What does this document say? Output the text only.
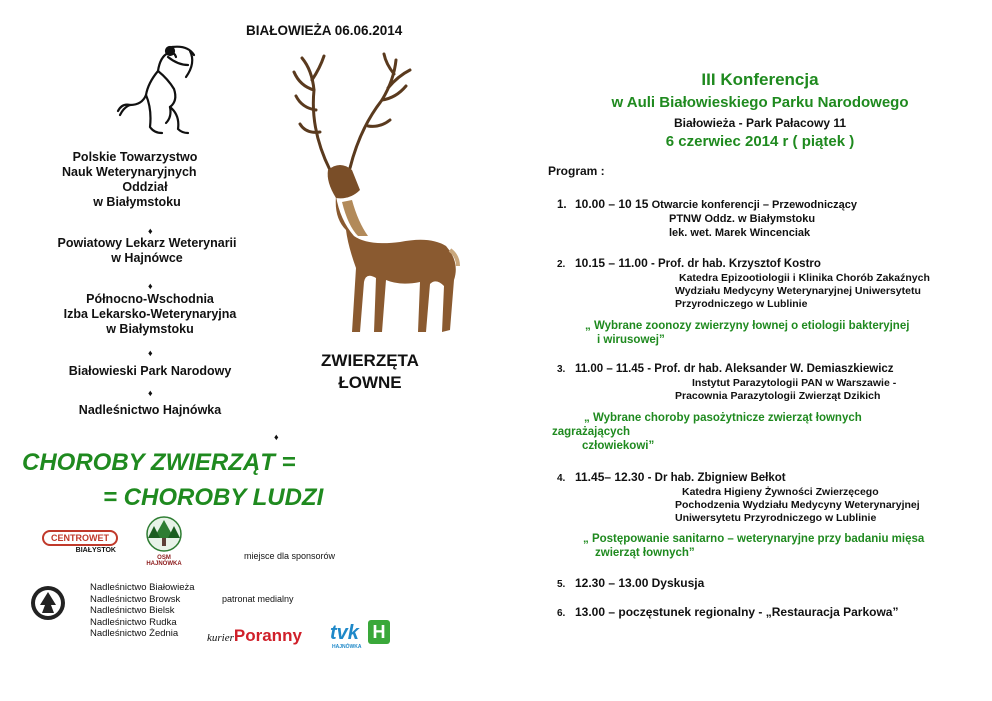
BIAŁOWIEŻA 06.06.2014
Polskie Towarzystwo
Nauk Weterynaryjnych
Oddział
w Białymstoku
♦
Powiatowy Lekarz Weterynarii
w Hajnówce
♦
Północno-Wschodnia
Izba Lekarsko-Weterynaryjna
w Białymstoku
♦
Białowieski Park Narodowy
♦
Nadleśnictwo Hajnówka
♦
ZWIERZĘTA
ŁOWNE
CHOROBY ZWIERZĄT =
= CHOROBY LUDZI
CENTROWET
BIAŁYSTOK
OSM HAJNÓWKA
miejsce dla sponsorów
Nadleśnictwo Białowieża
Nadleśnictwo Browsk
Nadleśnictwo Bielsk
Nadleśnictwo Rudka
Nadleśnictwo Żednia
patronat medialny
kurierPoranny tvk H
HAJNÓWKA
III Konferencja
w Auli Białowieskiego Parku Narodowego
Białowieża - Park Pałacowy 11
6 czerwiec 2014 r ( piątek )
Program :
1. 10.00 – 10 15 Otwarcie konferencji – Przewodniczący
PTNW Oddz. w Białymstoku
lek. wet. Marek Wincenciak
2. 10.15 – 11.00 - Prof. dr hab. Krzysztof Kostro
Katedra Epizootiologii i Klinika Chorób Zakaźnych
Wydziału Medycyny Weterynaryjnej Uniwersytetu
Przyrodniczego w Lublinie
„ Wybrane zoonozy zwierzyny łownej o etiologii bakteryjnej
i wirusowej”
3. 11.00 – 11.45 - Prof. dr hab. Aleksander W. Demiaszkiewicz
Instytut Parazytologii PAN w Warszawie -
Pracownia Parazytologii Zwierząt Dzikich
„ Wybrane choroby pasożytnicze zwierząt łownych
zagrażających
człowiekowi”
4. 11.45– 12.30 - Dr hab. Zbigniew Bełkot
Katedra Higieny Żywności Zwierzęcego
Pochodzenia Wydziału Medycyny Weterynaryjnej
Uniwersytetu Przyrodniczego w Lublinie
„ Postępowanie sanitarno – weterynaryjne przy badaniu mięsa
zwierząt łownych”
5. 12.30 – 13.00 Dyskusja
6. 13.00 – poczęstunek regionalny - „Restauracja Parkowa”
